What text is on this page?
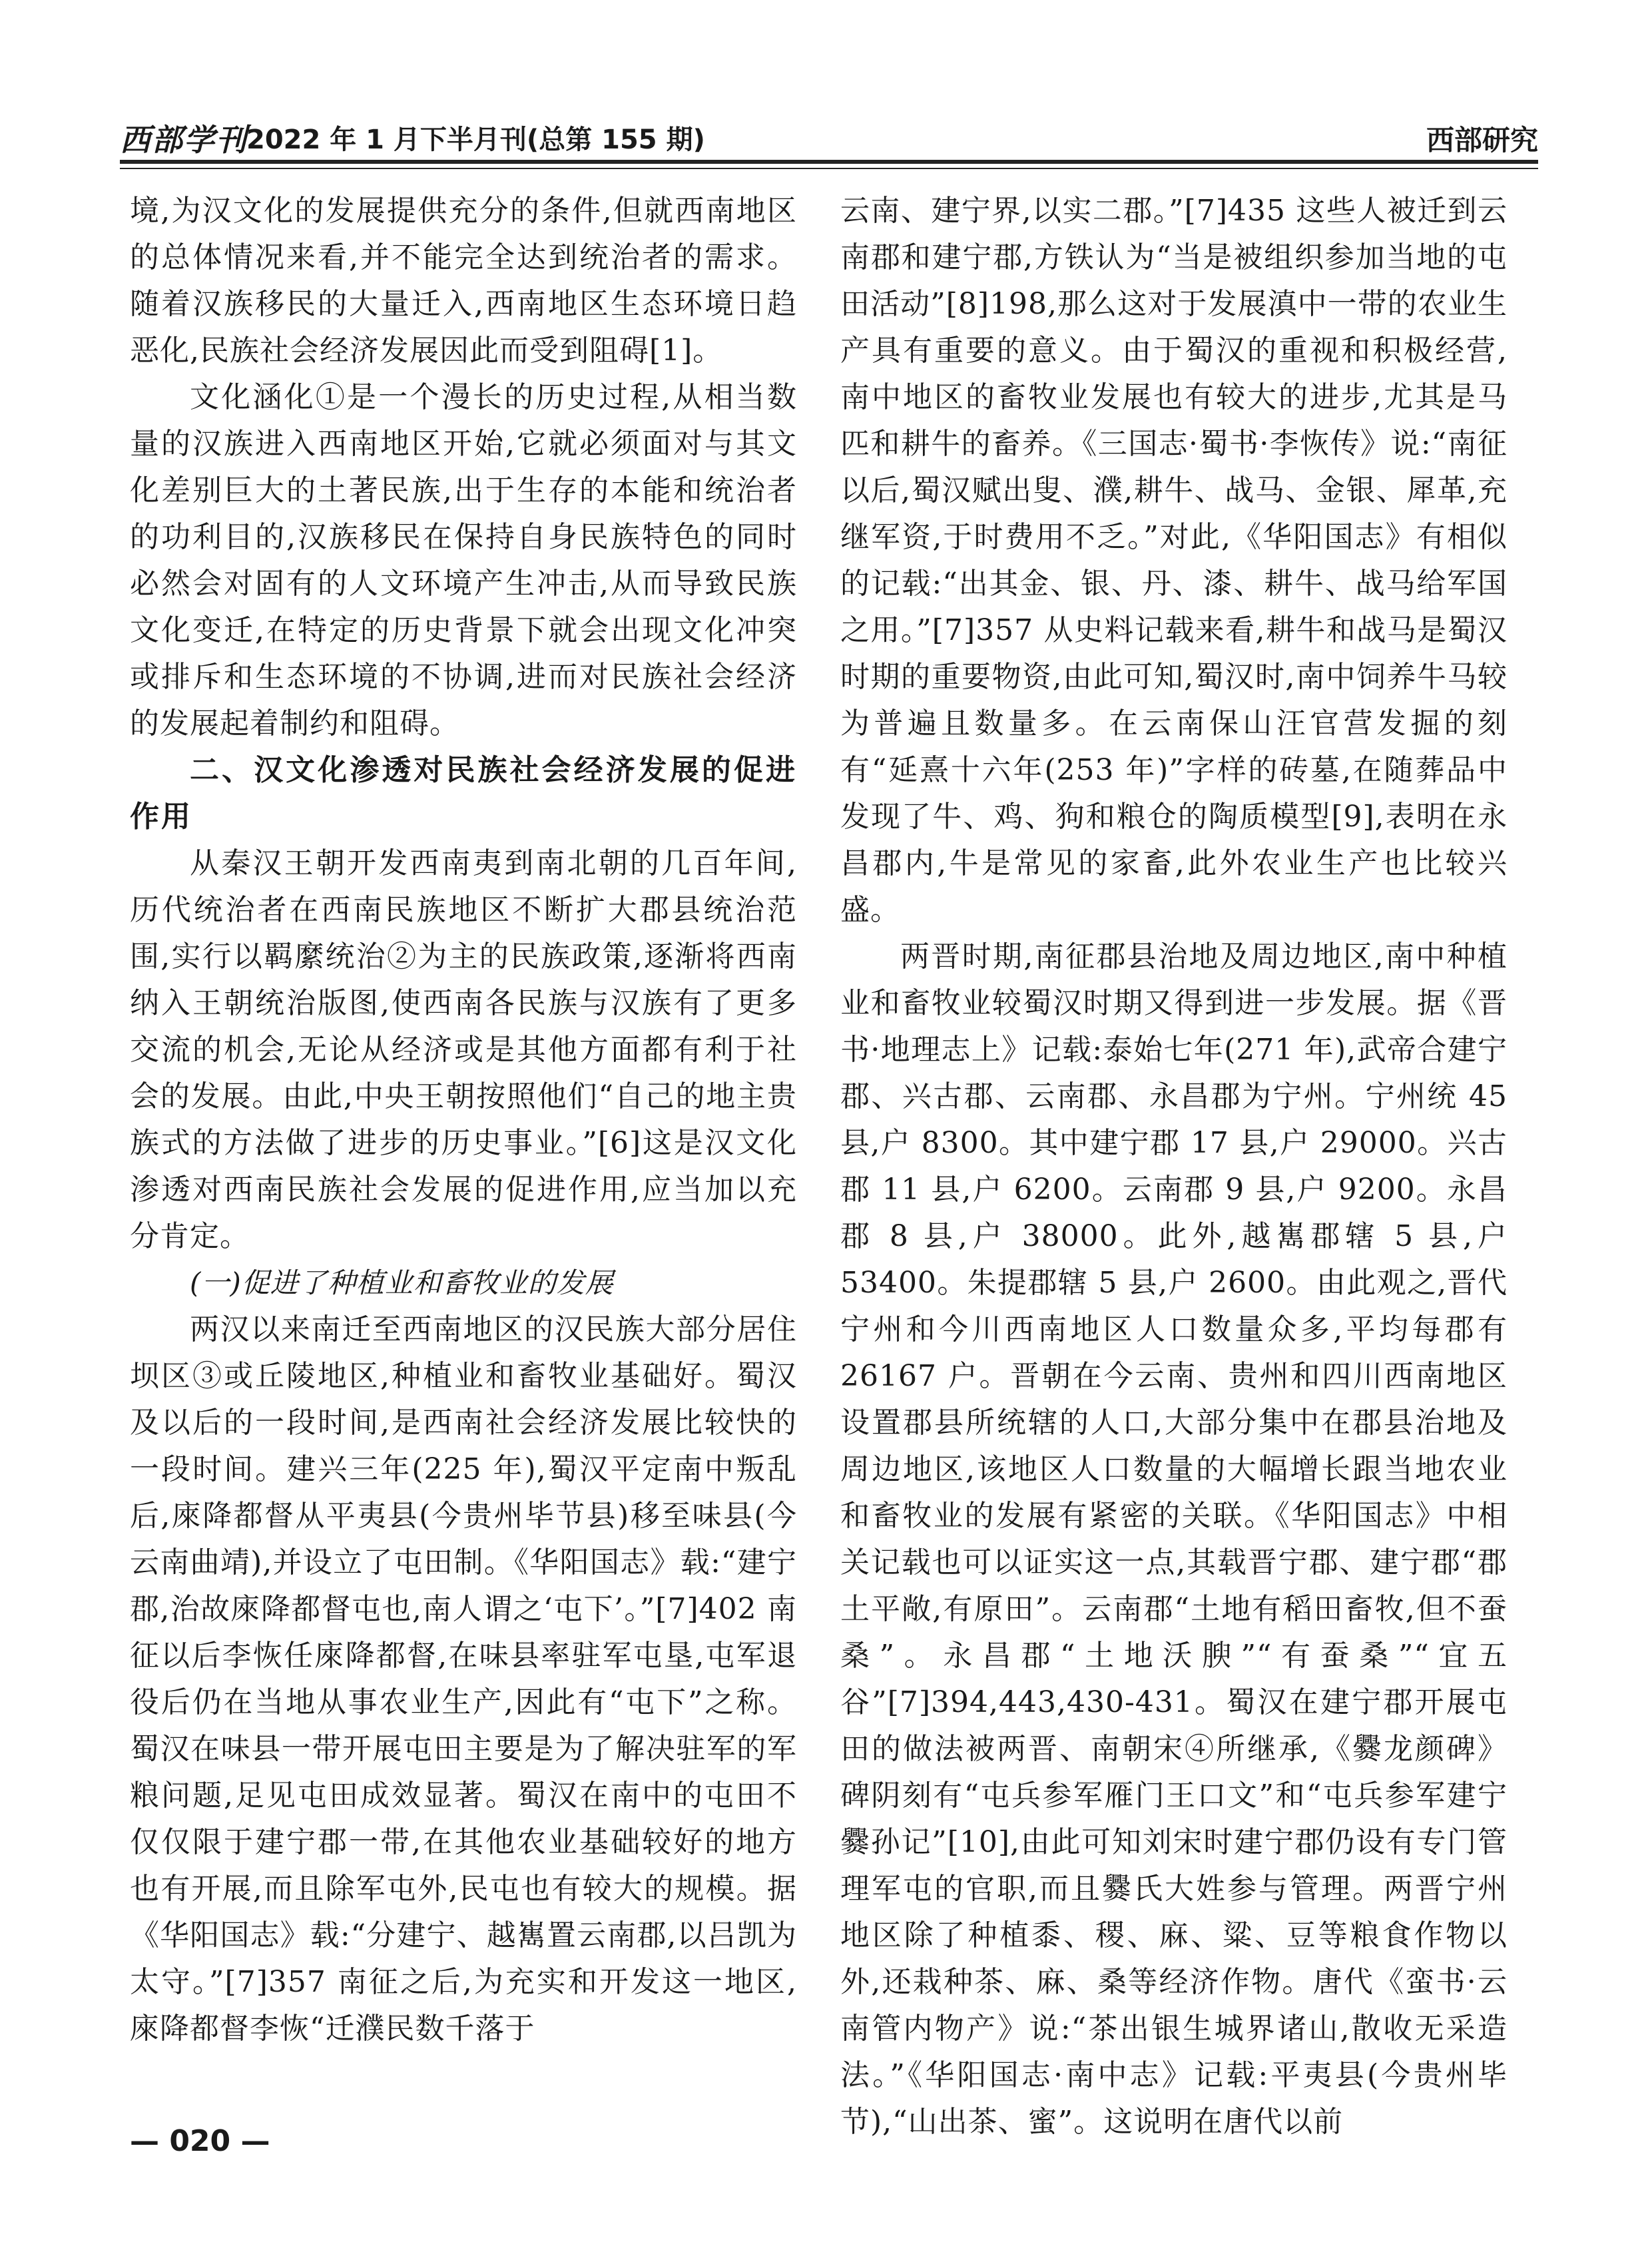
西部学刊
2022 年 1 月下半月刊(总第 155 期)	西部研究

境,为汉文化的发展提供充分的条件,但就西南地区的总体情况来看,并不能完全达到统治者的需求。随着汉族移民的大量迁入,西南地区生态环境日趋恶化,民族社会经济发展因此而受到阻碍[1]。

文化涵化①是一个漫长的历史过程,从相当数量的汉族进入西南地区开始,它就必须面对与其文化差别巨大的土著民族,出于生存的本能和统治者的功利目的,汉族移民在保持自身民族特色的同时必然会对固有的人文环境产生冲击,从而导致民族文化变迁,在特定的历史背景下就会出现文化冲突或排斥和生态环境的不协调,进而对民族社会经济的发展起着制约和阻碍。

二、汉文化渗透对民族社会经济发展的促进作用

从秦汉王朝开发西南夷到南北朝的几百年间,历代统治者在西南民族地区不断扩大郡县统治范围,实行以羁縻统治②为主的民族政策,逐渐将西南纳入王朝统治版图,使西南各民族与汉族有了更多交流的机会,无论从经济或是其他方面都有利于社会的发展。由此,中央王朝按照他们“自己的地主贵族式的方法做了进步的历史事业。”[6]这是汉文化渗透对西南民族社会发展的促进作用,应当加以充分肯定。

(一)促进了种植业和畜牧业的发展

两汉以来南迁至西南地区的汉民族大部分居住坝区③或丘陵地区,种植业和畜牧业基础好。蜀汉及以后的一段时间,是西南社会经济发展比较快的一段时间。建兴三年(225 年),蜀汉平定南中叛乱后,庲降都督从平夷县(今贵州毕节县)移至味县(今云南曲靖),并设立了屯田制。《华阳国志》载:“建宁郡,治故庲降都督屯也,南人谓之‘屯下’。”[7]402 南征以后李恢任庲降都督,在味县率驻军屯垦,屯军退役后仍在当地从事农业生产,因此有“屯下”之称。蜀汉在味县一带开展屯田主要是为了解决驻军的军粮问题,足见屯田成效显著。蜀汉在南中的屯田不仅仅限于建宁郡一带,在其他农业基础较好的地方也有开展,而且除军屯外,民屯也有较大的规模。据《华阳国志》载:“分建宁、越嶲置云南郡,以吕凯为太守。”[7]357 南征之后,为充实和开发这一地区,庲降都督李恢“迁濮民数千落于

云南、建宁界,以实二郡。”[7]435 这些人被迁到云南郡和建宁郡,方铁认为“当是被组织参加当地的屯田活动”[8]198,那么这对于发展滇中一带的农业生产具有重要的意义。由于蜀汉的重视和积极经营,南中地区的畜牧业发展也有较大的进步,尤其是马匹和耕牛的畜养。《三国志·蜀书·李恢传》说:“南征以后,蜀汉赋出叟、濮,耕牛、战马、金银、犀革,充继军资,于时费用不乏。”对此,《华阳国志》有相似的记载:“出其金、银、丹、漆、耕牛、战马给军国之用。”[7]357 从史料记载来看,耕牛和战马是蜀汉时期的重要物资,由此可知,蜀汉时,南中饲养牛马较为普遍且数量多。在云南保山汪官营发掘的刻有“延熹十六年(253 年)”字样的砖墓,在随葬品中发现了牛、鸡、狗和粮仓的陶质模型[9],表明在永昌郡内,牛是常见的家畜,此外农业生产也比较兴盛。

两晋时期,南征郡县治地及周边地区,南中种植业和畜牧业较蜀汉时期又得到进一步发展。据《晋书·地理志上》记载:泰始七年(271 年),武帝合建宁郡、兴古郡、云南郡、永昌郡为宁州。宁州统 45 县,户 8300。其中建宁郡 17 县,户 29000。兴古郡 11 县,户 6200。云南郡 9 县,户 9200。永昌郡 8 县,户 38000。此外,越嶲郡辖 5 县,户 53400。朱提郡辖 5 县,户 2600。由此观之,晋代宁州和今川西南地区人口数量众多,平均每郡有 26167 户。晋朝在今云南、贵州和四川西南地区设置郡县所统辖的人口,大部分集中在郡县治地及周边地区,该地区人口数量的大幅增长跟当地农业和畜牧业的发展有紧密的关联。《华阳国志》中相关记载也可以证实这一点,其载晋宁郡、建宁郡“郡土平敞,有原田”。云南郡“土地有稻田畜牧,但不蚕桑”。永昌郡“土地沃腴”“有蚕桑”“宜五谷”[7]394,443,430-431。蜀汉在建宁郡开展屯田的做法被两晋、南朝宋④所继承,《爨龙颜碑》碑阴刻有“屯兵参军雁门王口文”和“屯兵参军建宁爨孙记”[10],由此可知刘宋时建宁郡仍设有专门管理军屯的官职,而且爨氏大姓参与管理。两晋宁州地区除了种植黍、稷、麻、粱、豆等粮食作物以外,还栽种茶、麻、桑等经济作物。唐代《蛮书·云南管内物产》说:“茶出银生城界诸山,散收无采造法。”《华阳国志·南中志》记载:平夷县(今贵州毕节),“山出茶、蜜”。这说明在唐代以前

— 020 —
